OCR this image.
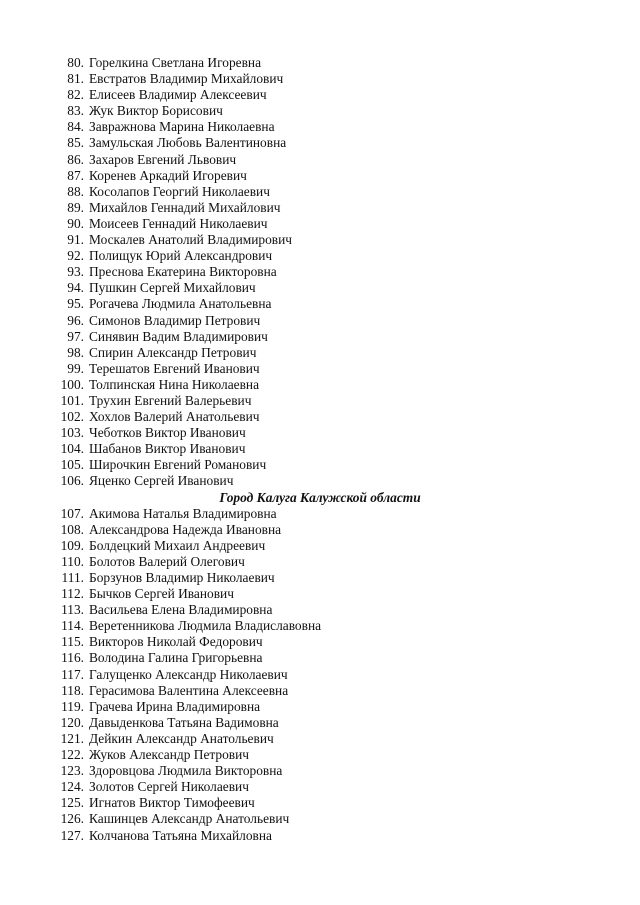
80. Горелкина Светлана Игоревна
81. Евстратов Владимир Михайлович
82. Елисеев Владимир Алексеевич
83. Жук Виктор Борисович
84. Завражнова Марина Николаевна
85. Замульская Любовь Валентиновна
86. Захаров Евгений Львович
87. Коренев Аркадий Игоревич
88. Косолапов Георгий Николаевич
89. Михайлов Геннадий Михайлович
90. Моисеев Геннадий Николаевич
91. Москалев Анатолий Владимирович
92. Полищук Юрий Александрович
93. Преснова Екатерина Викторовна
94. Пушкин Сергей Михайлович
95. Рогачева Людмила Анатольевна
96. Симонов Владимир Петрович
97. Синявин Вадим Владимирович
98. Спирин Александр Петрович
99. Терешатов Евгений Иванович
100. Толпинская Нина Николаевна
101. Трухин Евгений Валерьевич
102. Хохлов Валерий Анатольевич
103. Чеботков Виктор Иванович
104. Шабанов Виктор Иванович
105. Широчкин Евгений Романович
106. Яценко Сергей Иванович
Город Калуга Калужской области
107. Акимова Наталья Владимировна
108. Александрова Надежда Ивановна
109. Болдецкий Михаил Андреевич
110. Болотов Валерий Олегович
111. Борзунов Владимир Николаевич
112. Бычков Сергей Иванович
113. Васильева Елена Владимировна
114. Веретенникова Людмила Владиславовна
115. Викторов Николай Федорович
116. Володина Галина Григорьевна
117. Галущенко Александр Николаевич
118. Герасимова Валентина Алексеевна
119. Грачева Ирина Владимировна
120. Давыденкова Татьяна Вадимовна
121. Дейкин Александр Анатольевич
122. Жуков Александр Петрович
123. Здоровцова Людмила Викторовна
124. Золотов Сергей Николаевич
125. Игнатов Виктор Тимофеевич
126. Кашинцев Александр Анатольевич
127. Колчанова Татьяна Михайловна
